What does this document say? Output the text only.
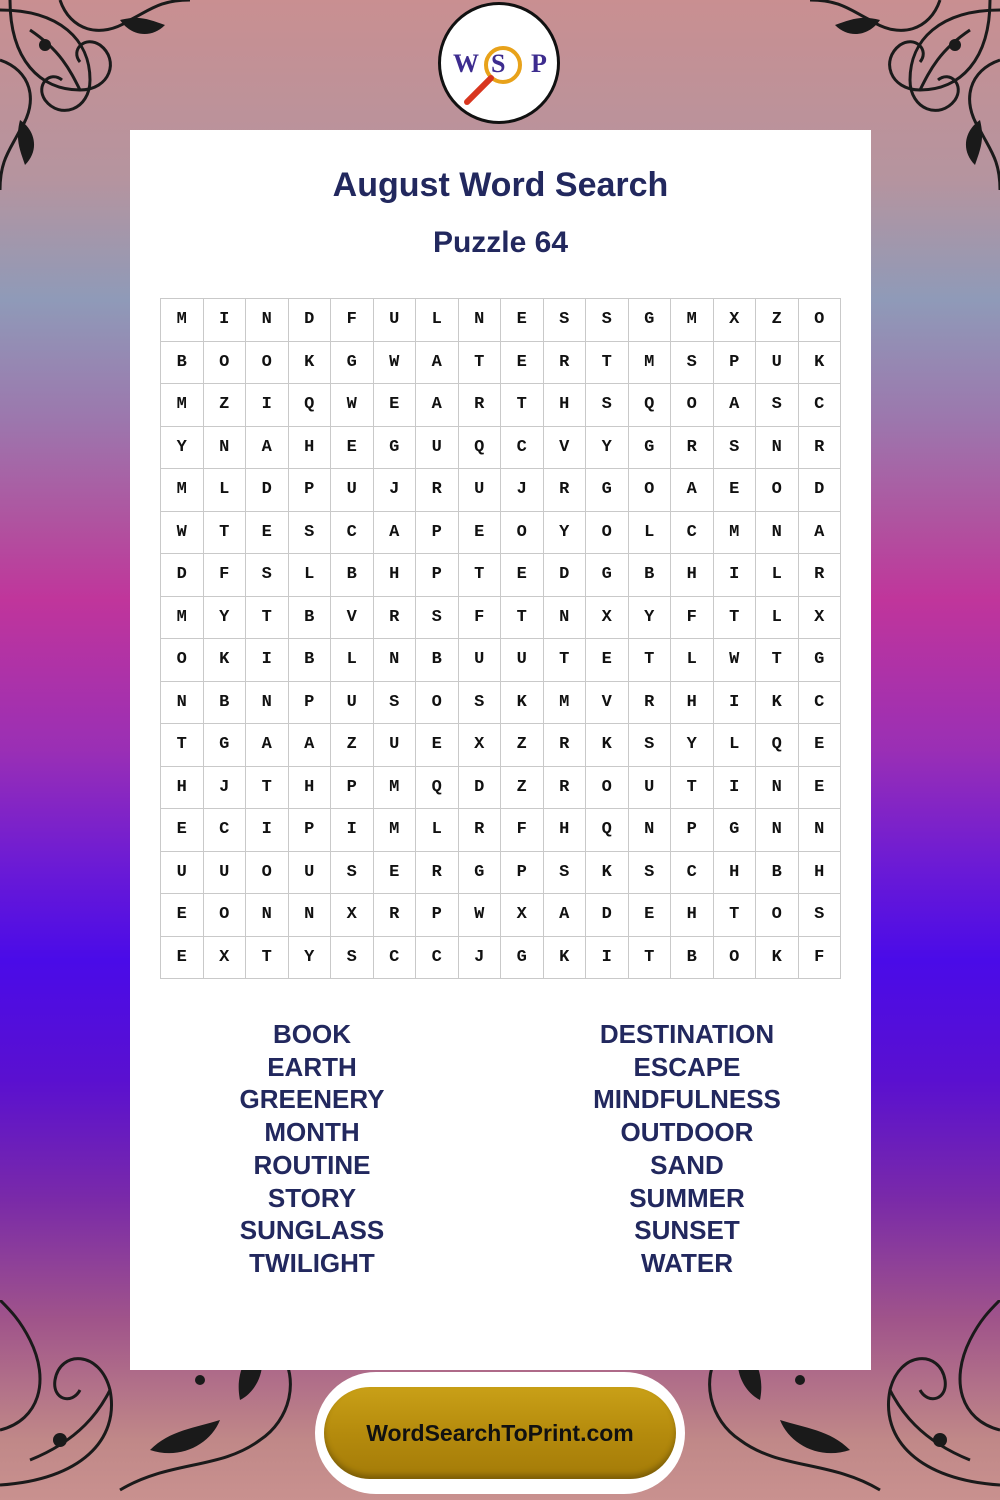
W S P
August Word Search
Puzzle 64
M	I	N	D	F	U	L	N	E	S	S	G	M	X	Z	O
B	O	O	K	G	W	A	T	E	R	T	M	S	P	U	K
M	Z	I	Q	W	E	A	R	T	H	S	Q	O	A	S	C
Y	N	A	H	E	G	U	Q	C	V	Y	G	R	S	N	R
M	L	D	P	U	J	R	U	J	R	G	O	A	E	O	D
W	T	E	S	C	A	P	E	O	Y	O	L	C	M	N	A
D	F	S	L	B	H	P	T	E	D	G	B	H	I	L	R
M	Y	T	B	V	R	S	F	T	N	X	Y	F	T	L	X
O	K	I	B	L	N	B	U	U	T	E	T	L	W	T	G
N	B	N	P	U	S	O	S	K	M	V	R	H	I	K	C
T	G	A	A	Z	U	E	X	Z	R	K	S	Y	L	Q	E
H	J	T	H	P	M	Q	D	Z	R	O	U	T	I	N	E
E	C	I	P	I	M	L	R	F	H	Q	N	P	G	N	N
U	U	O	U	S	E	R	G	P	S	K	S	C	H	B	H
E	O	N	N	X	R	P	W	X	A	D	E	H	T	O	S
E	X	T	Y	S	C	C	J	G	K	I	T	B	O	K	F
BOOK
EARTH
GREENERY
MONTH
ROUTINE
STORY
SUNGLASS
TWILIGHT
DESTINATION
ESCAPE
MINDFULNESS
OUTDOOR
SAND
SUMMER
SUNSET
WATER
WordSearchToPrint.com
